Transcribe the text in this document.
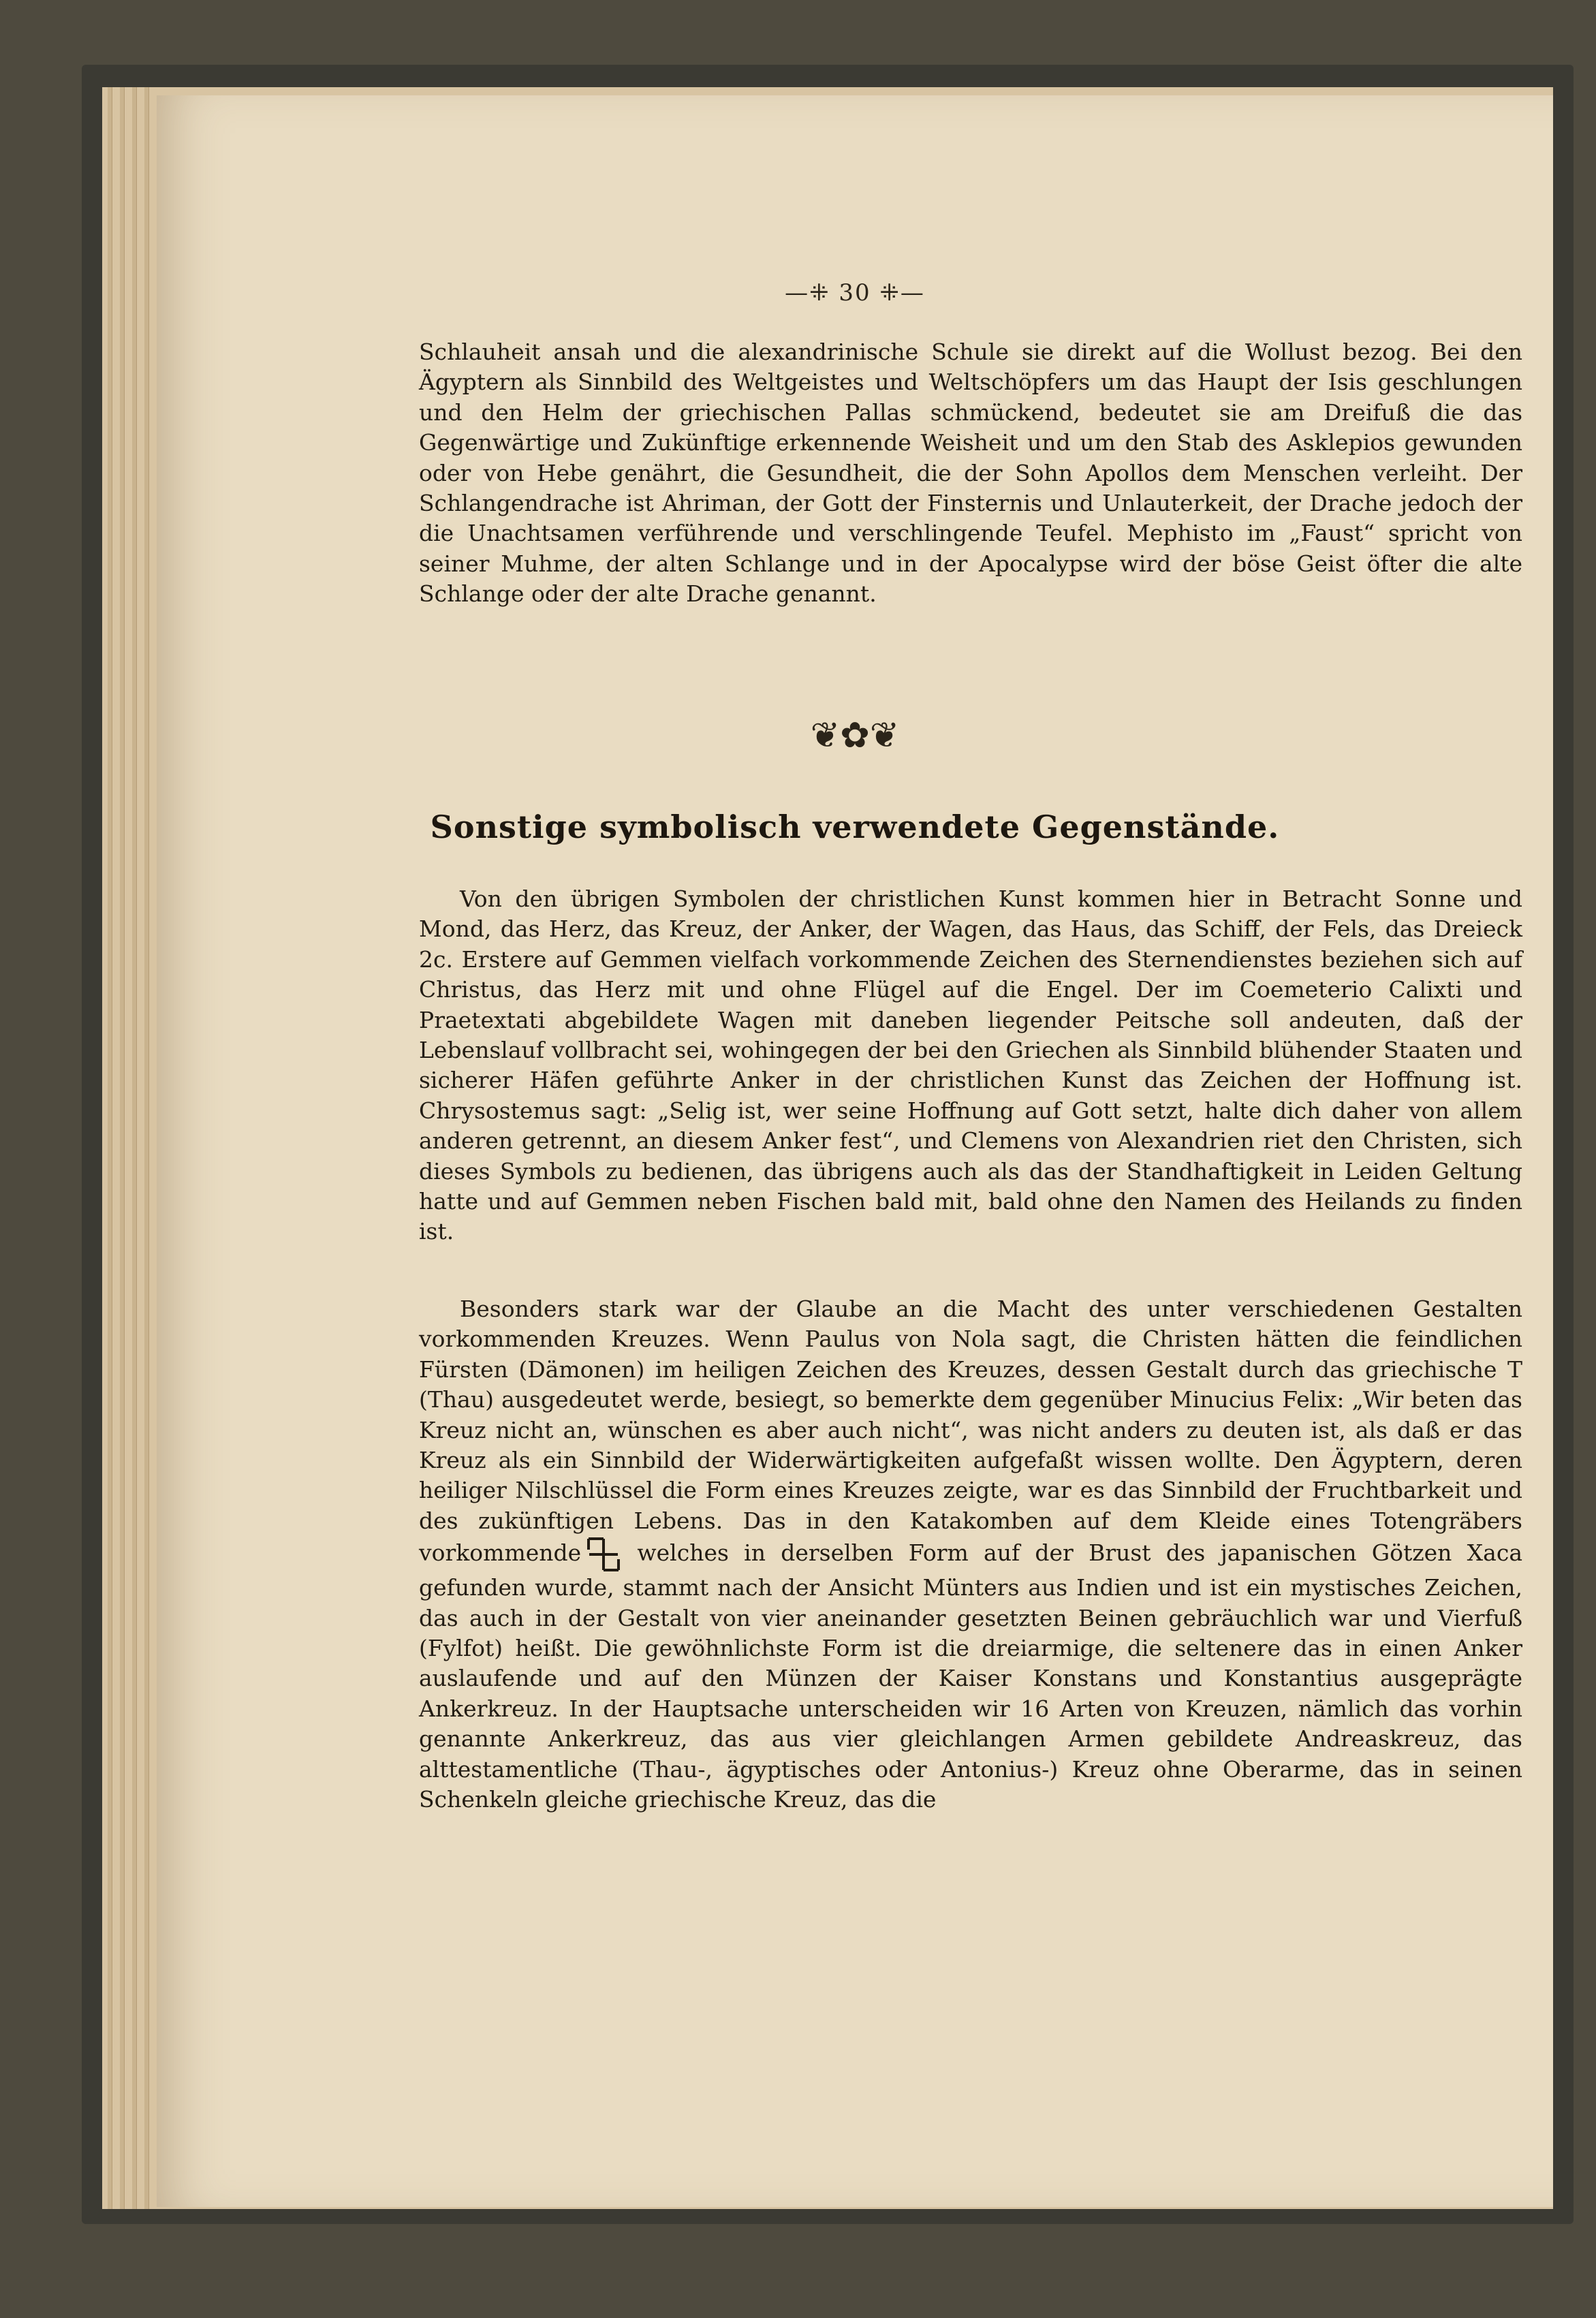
—⁜ 30 ⁜—

Schlauheit ansah und die alexandrinische Schule sie direkt auf die Wollust bezog. Bei den Ägyptern als Sinnbild des Weltgeistes und Weltschöpfers um das Haupt der Isis geschlungen und den Helm der griechischen Pallas schmückend, bedeutet sie am Dreifuß die das Gegenwärtige und Zukünftige erkennende Weisheit und um den Stab des Asklepios gewunden oder von Hebe genährt, die Gesundheit, die der Sohn Apollos dem Menschen verleiht. Der Schlangendrache ist Ahriman, der Gott der Finsternis und Unlauterkeit, der Drache jedoch der die Unachtsamen verführende und verschlingende Teufel. Mephisto im „Faust“ spricht von seiner Muhme, der alten Schlange und in der Apocalypse wird der böse Geist öfter die alte Schlange oder der alte Drache genannt.

❦✿❦
Sonstige symbolisch verwendete Gegenstände.

Von den übrigen Symbolen der christlichen Kunst kommen hier in Betracht Sonne und Mond, das Herz, das Kreuz, der Anker, der Wagen, das Haus, das Schiff, der Fels, das Dreieck 2c. Erstere auf Gemmen vielfach vorkommende Zeichen des Sternendienstes beziehen sich auf Christus, das Herz mit und ohne Flügel auf die Engel. Der im Coemeterio Calixti und Praetextati abgebildete Wagen mit daneben liegender Peitsche soll andeuten, daß der Lebenslauf vollbracht sei, wohingegen der bei den Griechen als Sinnbild blühender Staaten und sicherer Häfen geführte Anker in der christlichen Kunst das Zeichen der Hoffnung ist. Chrysostemus sagt: „Selig ist, wer seine Hoffnung auf Gott setzt, halte dich daher von allem anderen getrennt, an diesem Anker fest“, und Clemens von Alexandrien riet den Christen, sich dieses Symbols zu bedienen, das übrigens auch als das der Standhaftigkeit in Leiden Geltung hatte und auf Gemmen neben Fischen bald mit, bald ohne den Namen des Heilands zu finden ist.

Besonders stark war der Glaube an die Macht des unter verschiedenen Gestalten vorkommenden Kreuzes. Wenn Paulus von Nola sagt, die Christen hätten die feindlichen Fürsten (Dämonen) im heiligen Zeichen des Kreuzes, dessen Gestalt durch das griechische T (Thau) ausgedeutet werde, besiegt, so bemerkte dem gegenüber Minucius Felix: „Wir beten das Kreuz nicht an, wünschen es aber auch nicht“, was nicht anders zu deuten ist, als daß er das Kreuz als ein Sinnbild der Widerwärtigkeiten aufgefaßt wissen wollte. Den Ägyptern, deren heiliger Nilschlüssel die Form eines Kreuzes zeigte, war es das Sinnbild der Fruchtbarkeit und des zukünftigen Lebens. Das in den Katakomben auf dem Kleide eines Totengräbers vorkommende welches in derselben Form auf der Brust des japanischen Götzen Xaca gefunden wurde, stammt nach der Ansicht Münters aus Indien und ist ein mystisches Zeichen, das auch in der Gestalt von vier aneinander gesetzten Beinen gebräuchlich war und Vierfuß (Fylfot) heißt. Die gewöhnlichste Form ist die dreiarmige, die seltenere das in einen Anker auslaufende und auf den Münzen der Kaiser Konstans und Konstantius ausgeprägte Ankerkreuz. In der Hauptsache unterscheiden wir 16 Arten von Kreuzen, nämlich das vorhin genannte Ankerkreuz, das aus vier gleichlangen Armen gebildete Andreaskreuz, das alttestamentliche (Thau-, ägyptisches oder Antonius-) Kreuz ohne Oberarme, das in seinen Schenkeln gleiche griechische Kreuz, das die
